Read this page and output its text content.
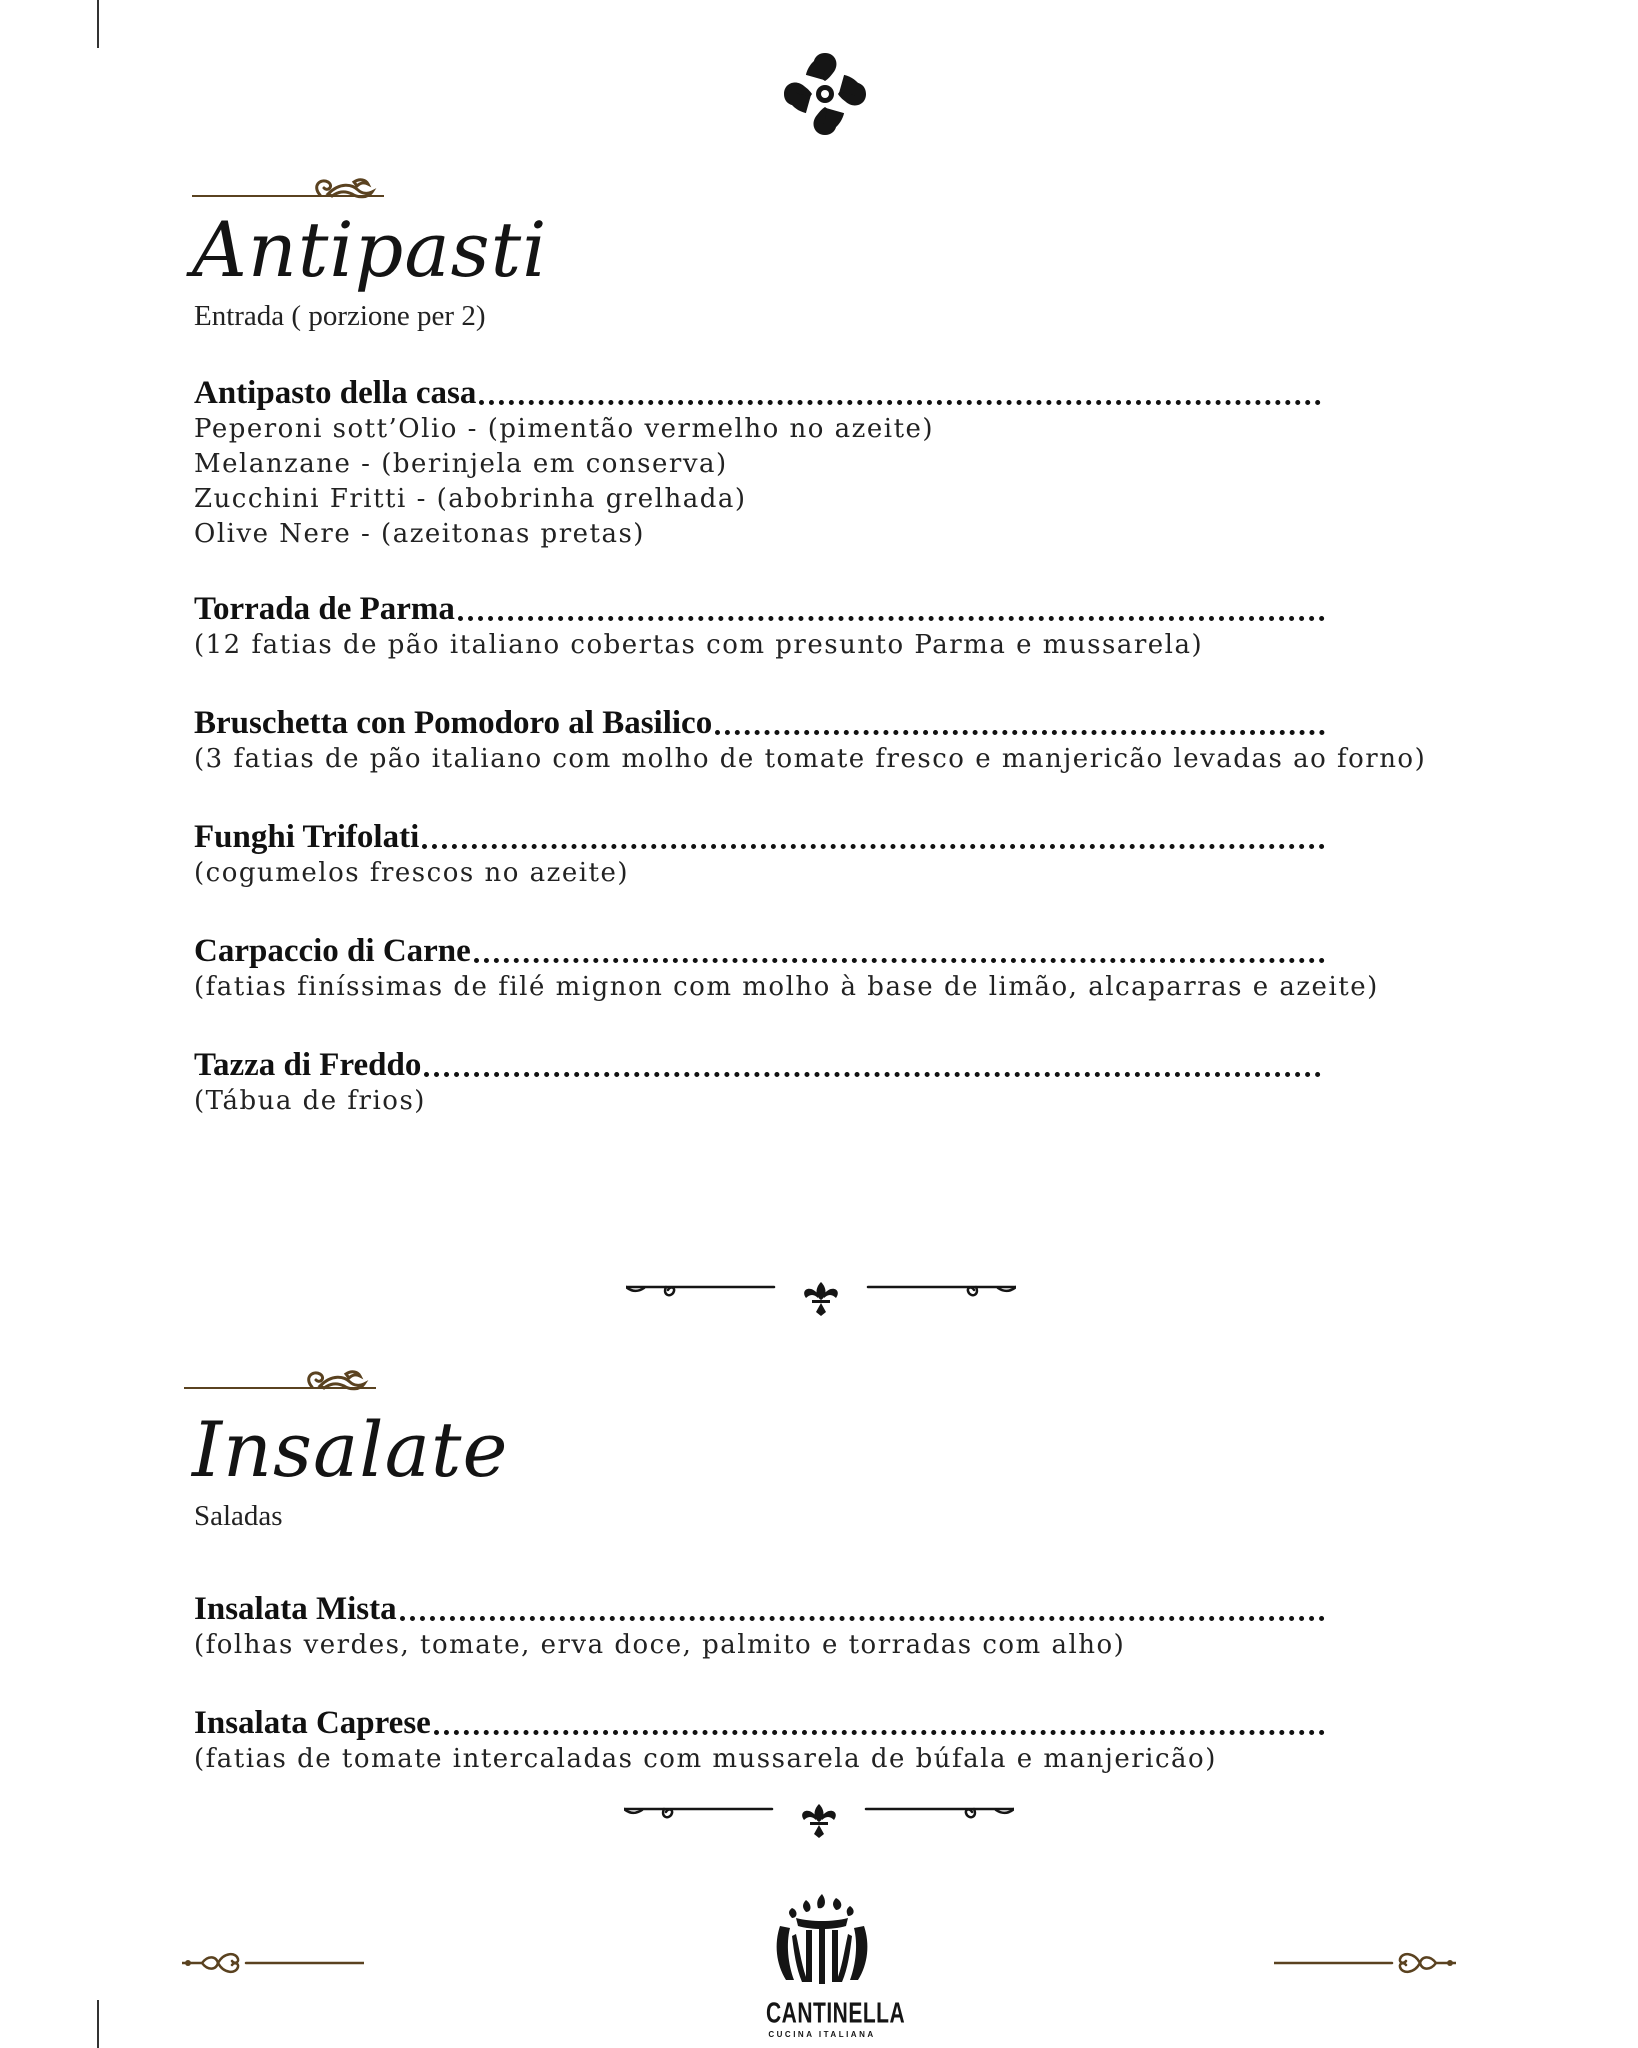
Antipasti
Entrada ( porzione per 2)
Antipasto della casa
Peperoni sott’Olio - (pimentão vermelho no azeite)
Melanzane - (berinjela em conserva)
Zucchini Fritti - (abobrinha grelhada)
Olive Nere - (azeitonas pretas)
Torrada de Parma
(12 fatias de pão italiano cobertas com presunto Parma e mussarela)
Bruschetta con Pomodoro al Basilico
(3 fatias de pão italiano com molho de tomate fresco e manjericão levadas ao forno)
Funghi Trifolati
(cogumelos frescos no azeite)
Carpaccio di Carne
(fatias finíssimas de filé mignon com molho à base de limão, alcaparras e azeite)
Tazza di Freddo
(Tábua de frios)
Insalate
Saladas
Insalata Mista
(folhas verdes, tomate, erva doce, palmito e torradas com alho)
Insalata Caprese
(fatias de tomate intercaladas com mussarela de búfala e manjericão)
CANTINELLA
CUCINA ITALIANA
